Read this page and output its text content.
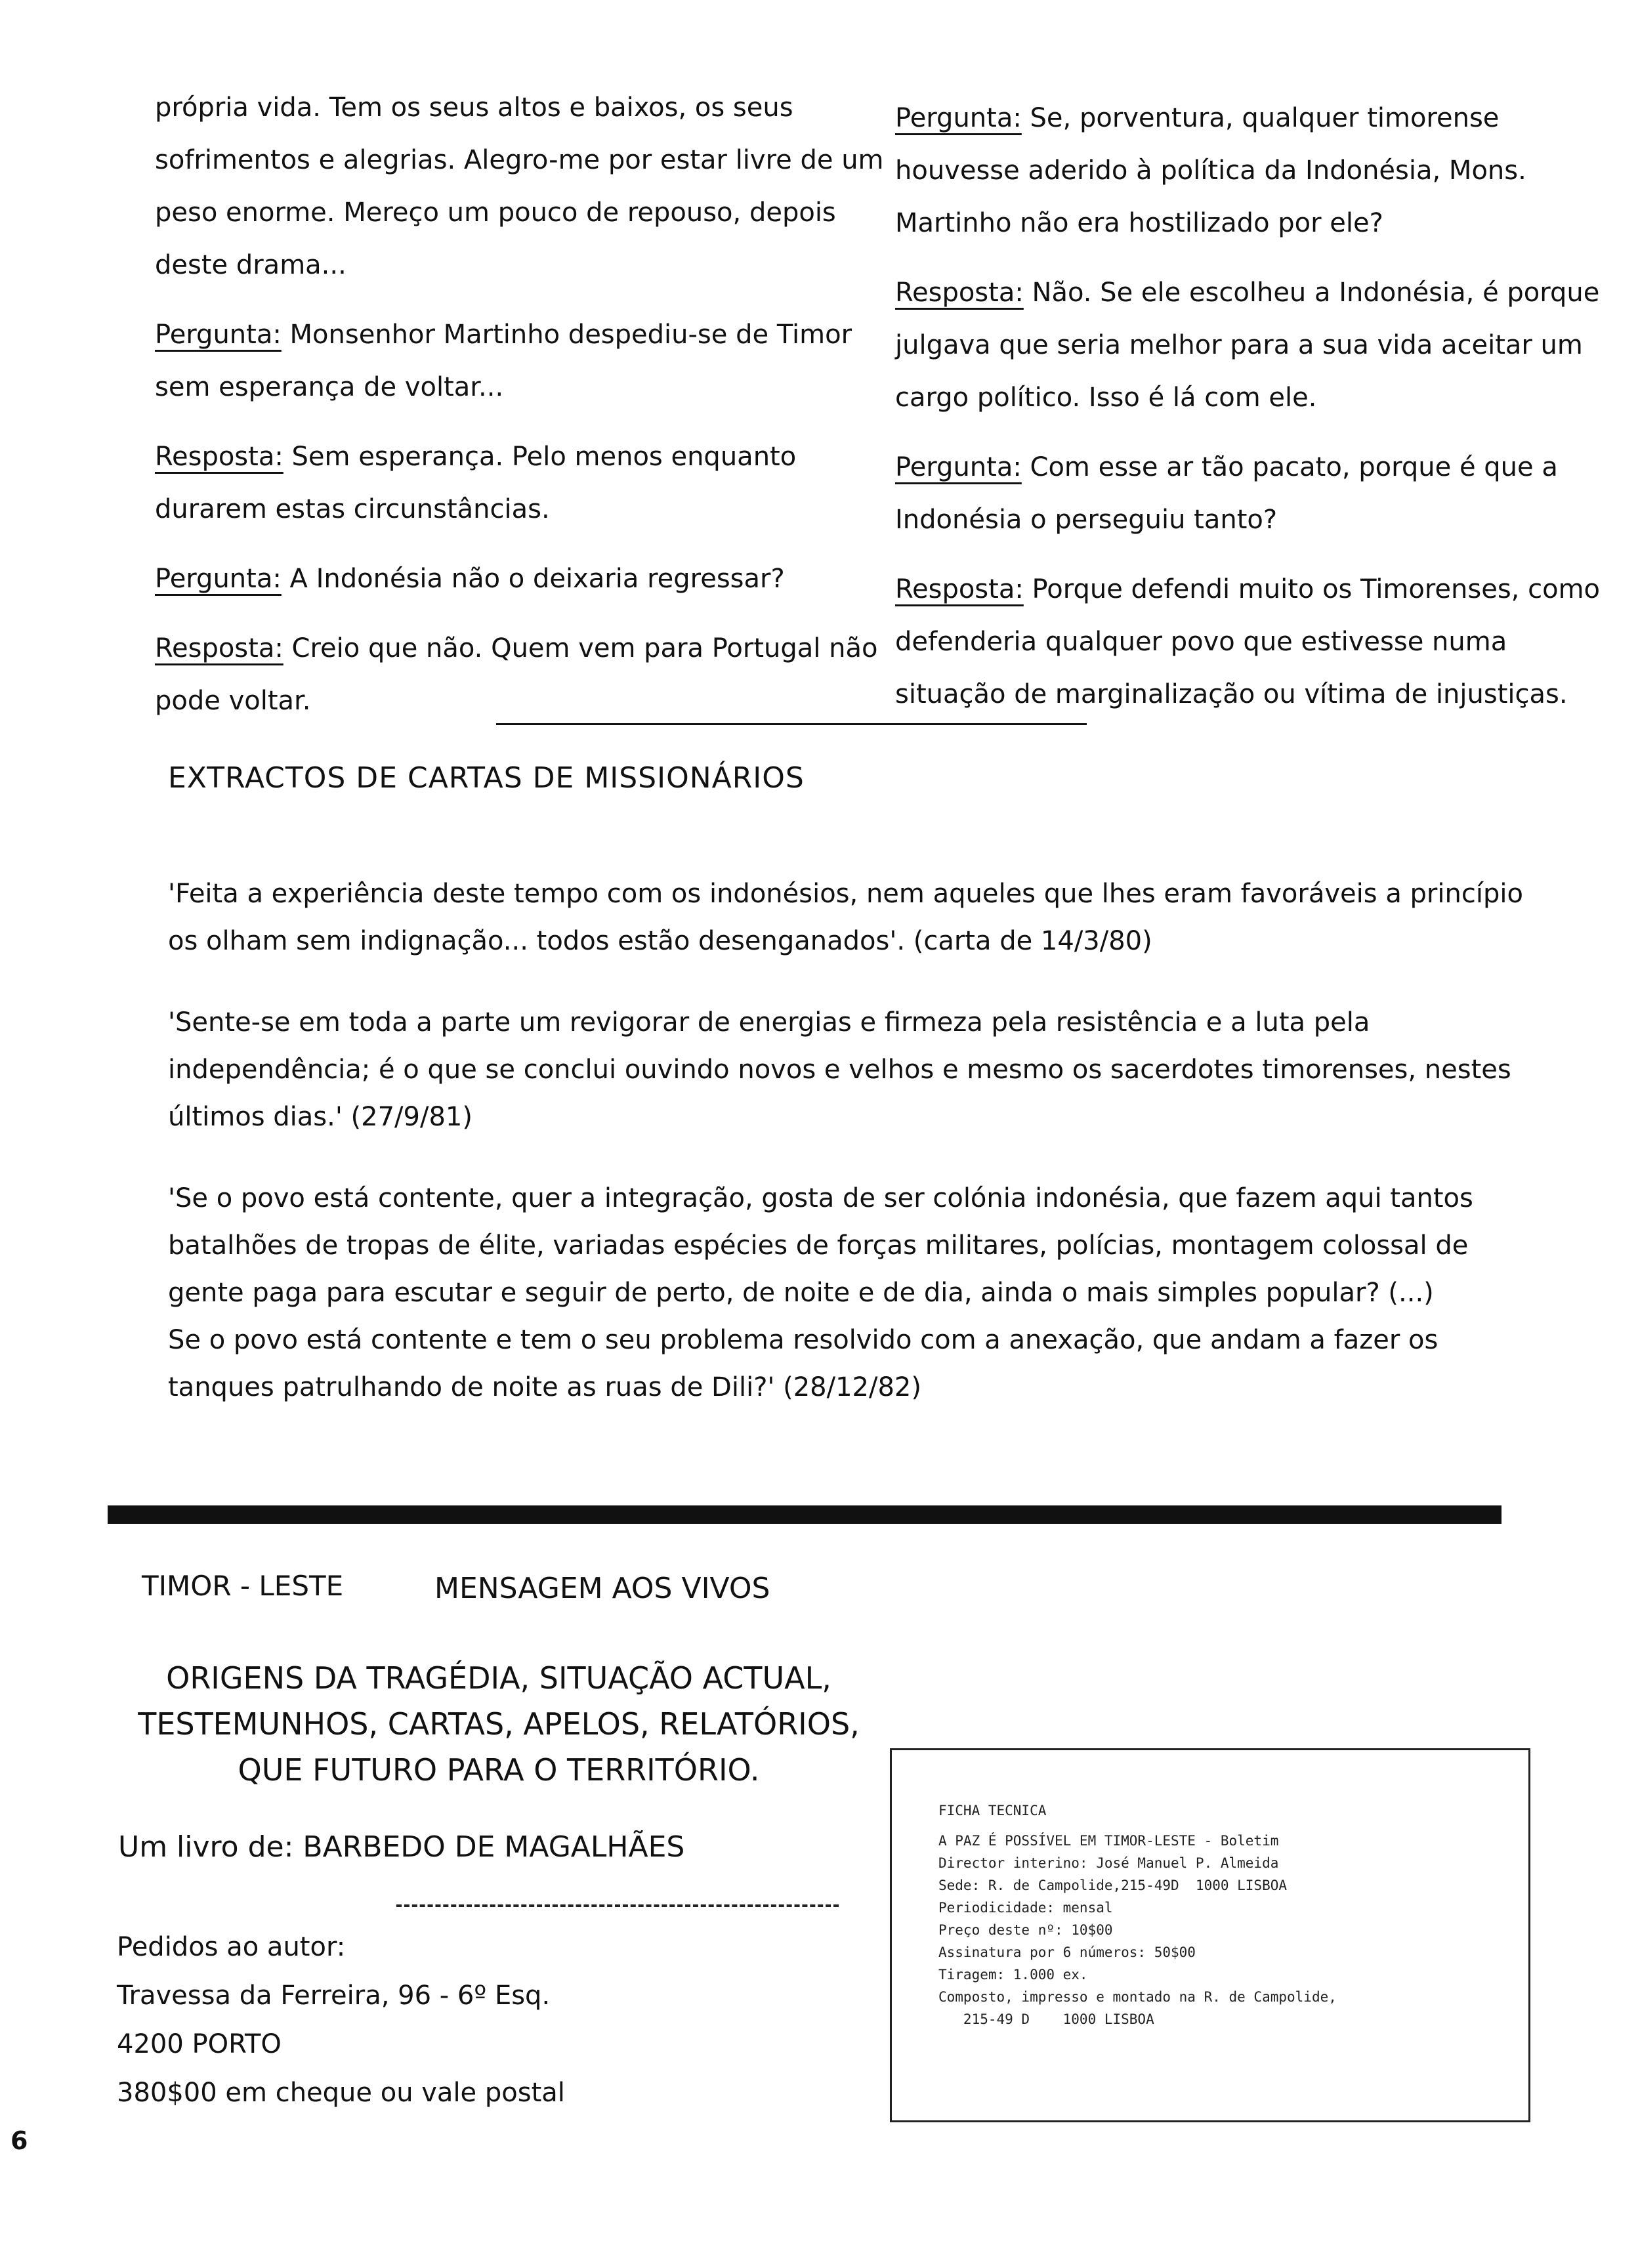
própria vida. Tem os seus altos e baixos, os seus sofrimentos e alegrias. Alegro-me por estar livre de um peso enorme. Mereço um pouco de repouso, depois deste drama...

Pergunta: Monsenhor Martinho despediu-se de Timor sem esperança de voltar...

Resposta: Sem esperança. Pelo menos enquanto durarem estas circunstâncias.

Pergunta: A Indonésia não o deixaria regressar?

Resposta: Creio que não. Quem vem para Portugal não pode voltar.

Pergunta: Se, porventura, qualquer timorense houvesse aderido à política da Indonésia, Mons. Martinho não era hostilizado por ele?

Resposta: Não. Se ele escolheu a Indonésia, é porque julgava que seria melhor para a sua vida aceitar um cargo político. Isso é lá com ele.

Pergunta: Com esse ar tão pacato, porque é que a Indonésia o perseguiu tanto?

Resposta: Porque defendi muito os Timorenses, como defenderia qualquer povo que estivesse numa situação de marginalização ou vítima de injustiças.

EXTRACTOS DE CARTAS DE MISSIONÁRIOS

'Feita a experiência deste tempo com os indonésios, nem aqueles que lhes eram favoráveis a princípio os olham sem indignação... todos estão desenganados'. (carta de 14/3/80)

'Sente-se em toda a parte um revigorar de energias e firmeza pela resistência e a luta pela independência; é o que se conclui ouvindo novos e velhos e mesmo os sacerdotes timorenses, nestes últimos dias.' (27/9/81)

'Se o povo está contente, quer a integração, gosta de ser colónia indonésia, que fazem aqui tantos batalhões de tropas de élite, variadas espécies de forças militares, polícias, montagem colossal de gente paga para escutar e seguir de perto, de noite e de dia, ainda o mais simples popular? (...)
Se o povo está contente e tem o seu problema resolvido com a anexação, que andam a fazer os tanques patrulhando de noite as ruas de Dili?' (28/12/82)

TIMOR - LESTE	MENSAGEM AOS VIVOS
ORIGENS DA TRAGÉDIA, SITUAÇÃO ACTUAL,
TESTEMUNHOS, CARTAS, APELOS, RELATÓRIOS,
QUE FUTURO PARA O TERRITÓRIO.
Um livro de: BARBEDO DE MAGALHÃES
Pedidos ao autor:
Travessa da Ferreira, 96 - 6º Esq.
4200 PORTO
380$00 em cheque ou vale postal
FICHA TECNICA
A PAZ É POSSÍVEL EM TIMOR-LESTE - Boletim
Director interino: José Manuel P. Almeida
Sede: R. de Campolide,215-49D  1000 LISBOA
Periodicidade: mensal
Preço deste nº: 10$00
Assinatura por 6 números: 50$00
Tiragem: 1.000 ex.
Composto, impresso e montado na R. de Campolide,
215-49 D    1000 LISBOA
6
